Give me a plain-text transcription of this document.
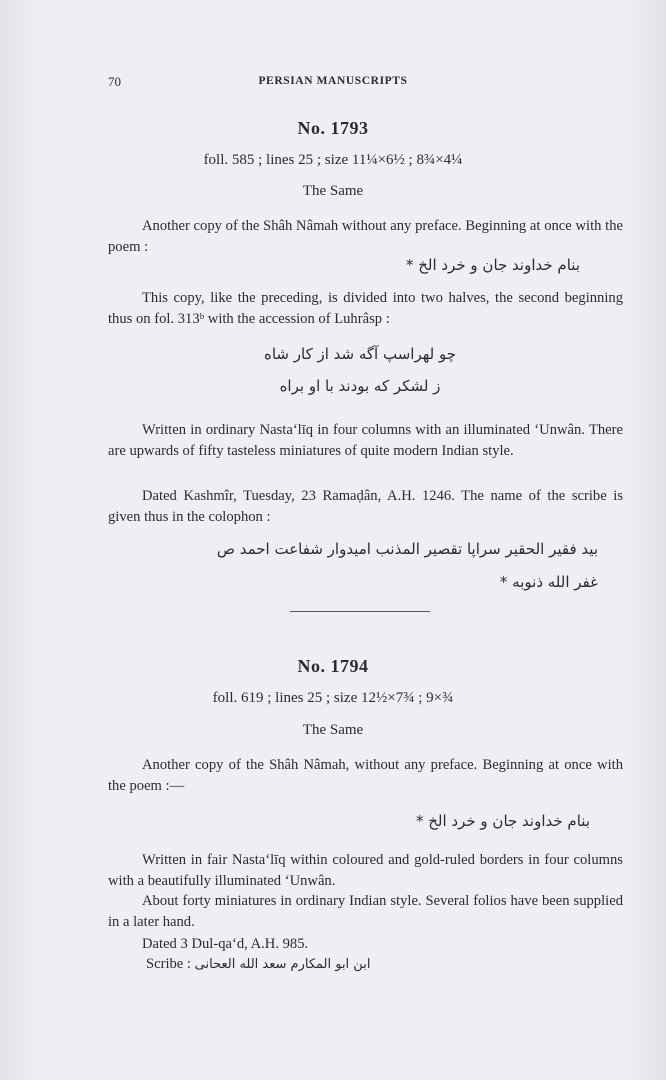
70	PERSIAN MANUSCRIPTS
No. 1793
foll. 585 ; lines 25 ; size 11¼×6½ ; 8¾×4¼
The Same
Another copy of the Shâh Nâmah without any preface. Beginning at once with the poem :
بنام خداوند جان و خرد الخ *
This copy, like the preceding, is divided into two halves, the second beginning thus on fol. 313ᵇ with the accession of Luhrâsp :
چو لهراسپ آگه شد از کار شاه
ز لشکر که بودند با او براه
Written in ordinary Nasta‘līq in four columns with an illuminated ‘Unwân. There are upwards of fifty tasteless miniatures of quite modern Indian style.
Dated Kashmîr, Tuesday, 23 Ramaḍân, A.H. 1246. The name of the scribe is given thus in the colophon :
بید فقیر الحقیر سراپا تقصیر المذنب امیدوار شفاعت احمد ص
غفر الله ذنوبه *
No. 1794
foll. 619 ; lines 25 ; size 12½×7¾ ; 9×¾
The Same
Another copy of the Shâh Nâmah, without any preface. Beginning at once with the poem :—
بنام خداوند جان و خرد الخ *
Written in fair Nasta‘līq within coloured and gold-ruled borders in four columns with a beautifully illuminated ‘Unwân.
About forty miniatures in ordinary Indian style. Several folios have been supplied in a later hand.
Dated 3 Dul-qa‘d, A.H. 985.
Scribe : ابن ابو المکارم سعد الله العحانی
